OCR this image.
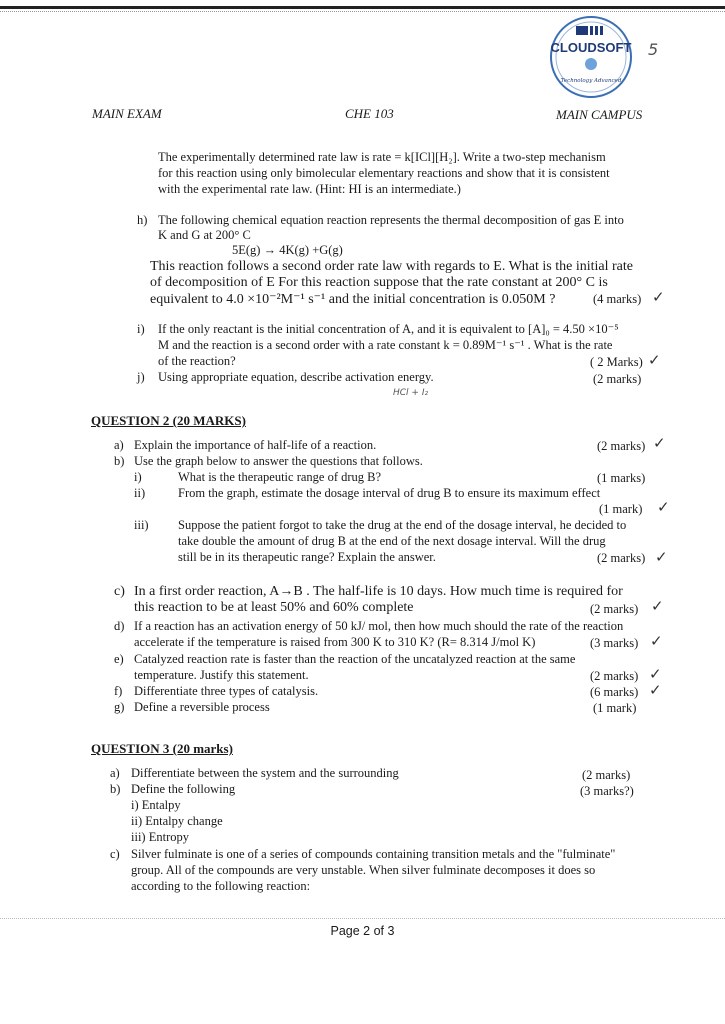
CLOUDSOFT
Technology Advanced
5
MAIN EXAM	CHE 103	MAIN CAMPUS
The experimentally determined rate law is rate = k[ICl][H₂]. Write a two-step mechanism
for this reaction using only bimolecular elementary reactions and show that it is consistent
with the experimental rate law. (Hint: HI is an intermediate.)
h) The following chemical equation reaction represents the thermal decomposition of gas E into
K and G at 200° C
5E(g) → 4K(g) +G(g)
This reaction follows a second order rate law with regards to E. What is the initial rate
of decomposition of E For this reaction suppose that the rate constant at 200° C is
equivalent to 4.0 ×10⁻²M⁻¹ s⁻¹ and the initial concentration is 0.050M ?	(4 marks) ✓
i) If the only reactant is the initial concentration of A, and it is equivalent to [A]₀ = 4.50 ×10⁻⁵
M and the reaction is a second order with a rate constant k = 0.89M⁻¹ s⁻¹ . What is the rate
of the reaction?	( 2 Marks) ✓
j) Using appropriate equation, describe activation energy.	(2 marks)
HCl + I₂
QUESTION 2 (20 MARKS)
a) Explain the importance of half-life of a reaction.	(2 marks) ✓
b) Use the graph below to answer the questions that follows.
i)	What is the therapeutic range of drug B?	(1 marks)
ii)	From the graph, estimate the dosage interval of drug B to ensure its maximum effect
(1 mark) ✓
iii) Suppose the patient forgot to take the drug at the end of the dosage interval, he decided to
take double the amount of drug B at the end of the next dosage interval. Will the drug
still be in its therapeutic range? Explain the answer.	(2 marks) ✓
c) In a first order reaction, A→B . The half-life is 10 days. How much time is required for
this reaction to be at least 50% and 60% complete	(2 marks) ✓
d) If a reaction has an activation energy of 50 kJ/ mol, then how much should the rate of the reaction
accelerate if the temperature is raised from 300 K to 310 K? (R= 8.314 J/mol K)	(3 marks) ✓
e) Catalyzed reaction rate is faster than the reaction of the uncatalyzed reaction at the same
temperature. Justify this statement.	(2 marks) ✓
f) Differentiate three types of catalysis.	(6 marks) ✓
g) Define a reversible process	(1 mark)
QUESTION 3 (20 marks)
a) Differentiate between the system and the surrounding	(2 marks)
b) Define the following	(3 marks?)
i) Entalpy
ii) Entalpy change
iii) Entropy
c) Silver fulminate is one of a series of compounds containing transition metals and the "fulminate"
group. All of the compounds are very unstable. When silver fulminate decomposes it does so
according to the following reaction:
Page 2 of 3
